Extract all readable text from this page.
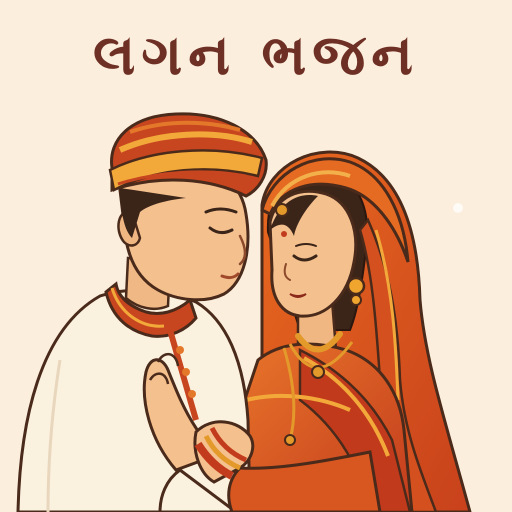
લગન ભજન
